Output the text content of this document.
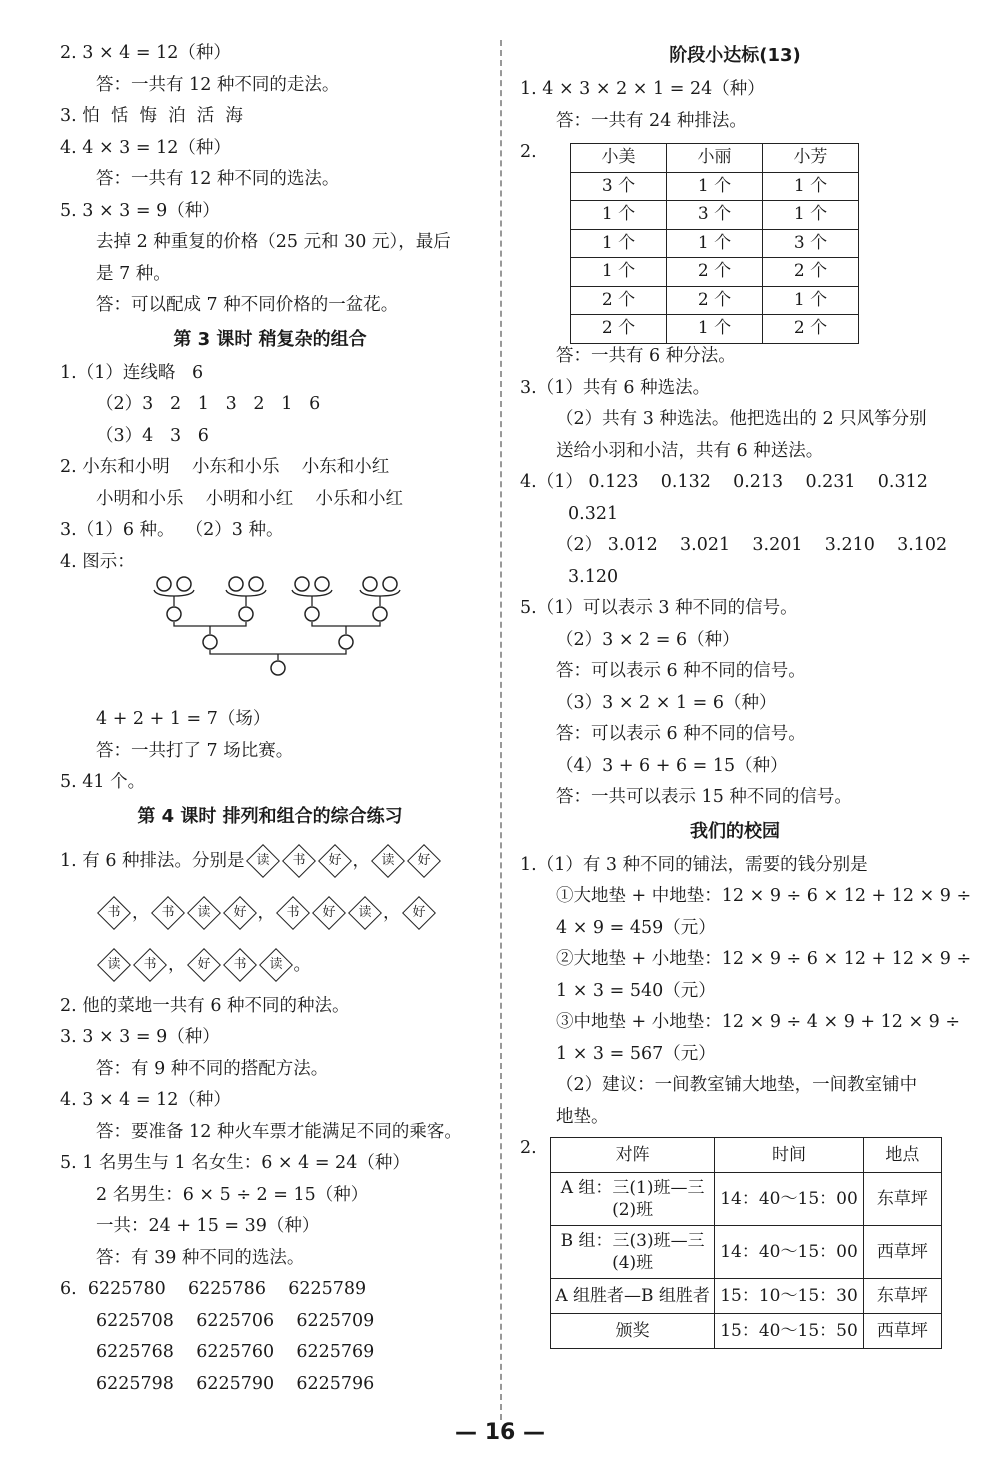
2. 3 × 4 = 12（种）
答：一共有 12 种不同的走法。
3. 怕  恬  悔  泊  活  海
4. 4 × 3 = 12（种）
答：一共有 12 种不同的选法。
5. 3 × 3 = 9（种）
去掉 2 种重复的价格（25 元和 30 元），最后
是 7 种。
答：可以配成 7 种不同价格的一盆花。
第 3 课时 稍复杂的组合
1.（1）连线略   6
（2）3   2   1   3   2   1   6
（3）4   3   6
2. 小东和小明    小东和小乐    小东和小红
小明和小乐    小明和小红    小乐和小红
3.（1）6 种。  （2）3 种。
4. 图示：
4 + 2 + 1 = 7（场）
答：一共打了 7 场比赛。
5. 41 个。
第 4 课时 排列和组合的综合练习
1. 有 6 种排法。分别是 读	书	好 ， 读	好
书 ， 书	读	好 ， 书	好	读 ， 好
读	书 ， 好	书	读 。
2. 他的菜地一共有 6 种不同的种法。
3. 3 × 3 = 9（种）
答：有 9 种不同的搭配方法。
4. 3 × 4 = 12（种）
答：要准备 12 种火车票才能满足不同的乘客。
5. 1 名男生与 1 名女生：6 × 4 = 24（种）
2 名男生：6 × 5 ÷ 2 = 15（种）
一共：24 + 15 = 39（种）
答：有 39 种不同的选法。
6.  6225780    6225786    6225789
6225708    6225706    6225709
6225768    6225760    6225769
6225798    6225790    6225796
阶段小达标(13)
1. 4 × 3 × 2 × 1 = 24（种）
答：一共有 24 种排法。
2.	小美	小丽	小芳
3 个	1 个	1 个
1 个	3 个	1 个
1 个	1 个	3 个
1 个	2 个	2 个
2 个	2 个	1 个
2 个	1 个	2 个
答：一共有 6 种分法。
3.（1）共有 6 种选法。
（2）共有 3 种选法。他把选出的 2 只风筝分别
送给小羽和小洁，共有 6 种送法。
4.（1） 0.123    0.132    0.213    0.231    0.312
0.321
（2） 3.012    3.021    3.201    3.210    3.102
3.120
5.（1）可以表示 3 种不同的信号。
（2）3 × 2 = 6（种）
答：可以表示 6 种不同的信号。
（3）3 × 2 × 1 = 6（种）
答：可以表示 6 种不同的信号。
（4）3 + 6 + 6 = 15（种）
答：一共可以表示 15 种不同的信号。
我们的校园
1.（1）有 3 种不同的铺法，需要的钱分别是
①大地垫 + 中地垫：12 × 9 ÷ 6 × 12 + 12 × 9 ÷
4 × 9 = 459（元）
②大地垫 + 小地垫：12 × 9 ÷ 6 × 12 + 12 × 9 ÷
1 × 3 = 540（元）
③中地垫 + 小地垫：12 × 9 ÷ 4 × 9 + 12 × 9 ÷
1 × 3 = 567（元）
（2）建议：一间教室铺大地垫，一间教室铺中
地垫。
2.	对阵	时间	地点
A 组：三(1)班—三(2)班	14：40～15：00	东草坪
B 组：三(3)班—三(4)班	14：40～15：00	西草坪
A 组胜者—B 组胜者	15：10～15：30	东草坪
颁奖	15：40～15：50	西草坪
— 16 —
